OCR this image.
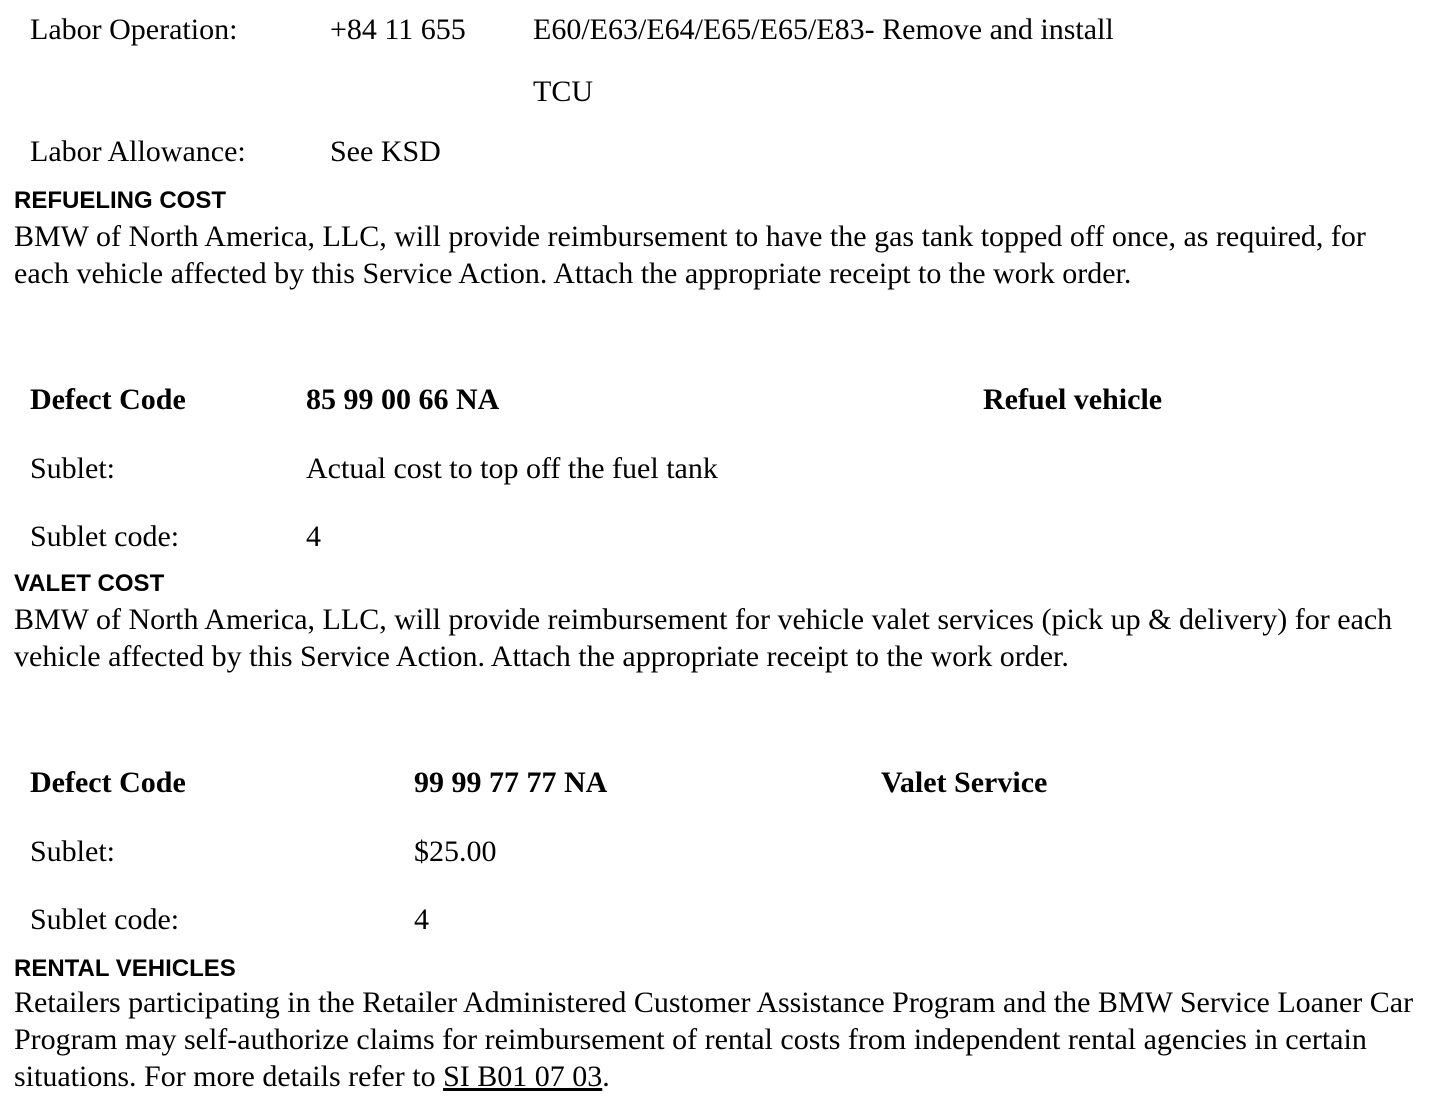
Labor Operation:	+84 11 655 E60/E63/E64/E65/E65/E83- Remove and install
TCU
Labor Allowance:	See KSD
REFUELING COST
BMW of North America, LLC, will provide reimbursement to have the gas tank topped off once, as required, for each vehicle affected by this Service Action. Attach the appropriate receipt to the work order.
Defect Code	85 99 00 66 NA	Refuel vehicle
Sublet:	Actual cost to top off the fuel tank
Sublet code:	4
VALET COST
BMW of North America, LLC, will provide reimbursement for vehicle valet services (pick up & delivery) for each vehicle affected by this Service Action. Attach the appropriate receipt to the work order.
Defect Code	99 99 77 77 NA	Valet Service
Sublet:	$25.00
Sublet code:	4
RENTAL VEHICLES
Retailers participating in the Retailer Administered Customer Assistance Program and the BMW Service Loaner Car Program may self-authorize claims for reimbursement of rental costs from independent rental agencies in certain situations. For more details refer to SI B01 07 03.
